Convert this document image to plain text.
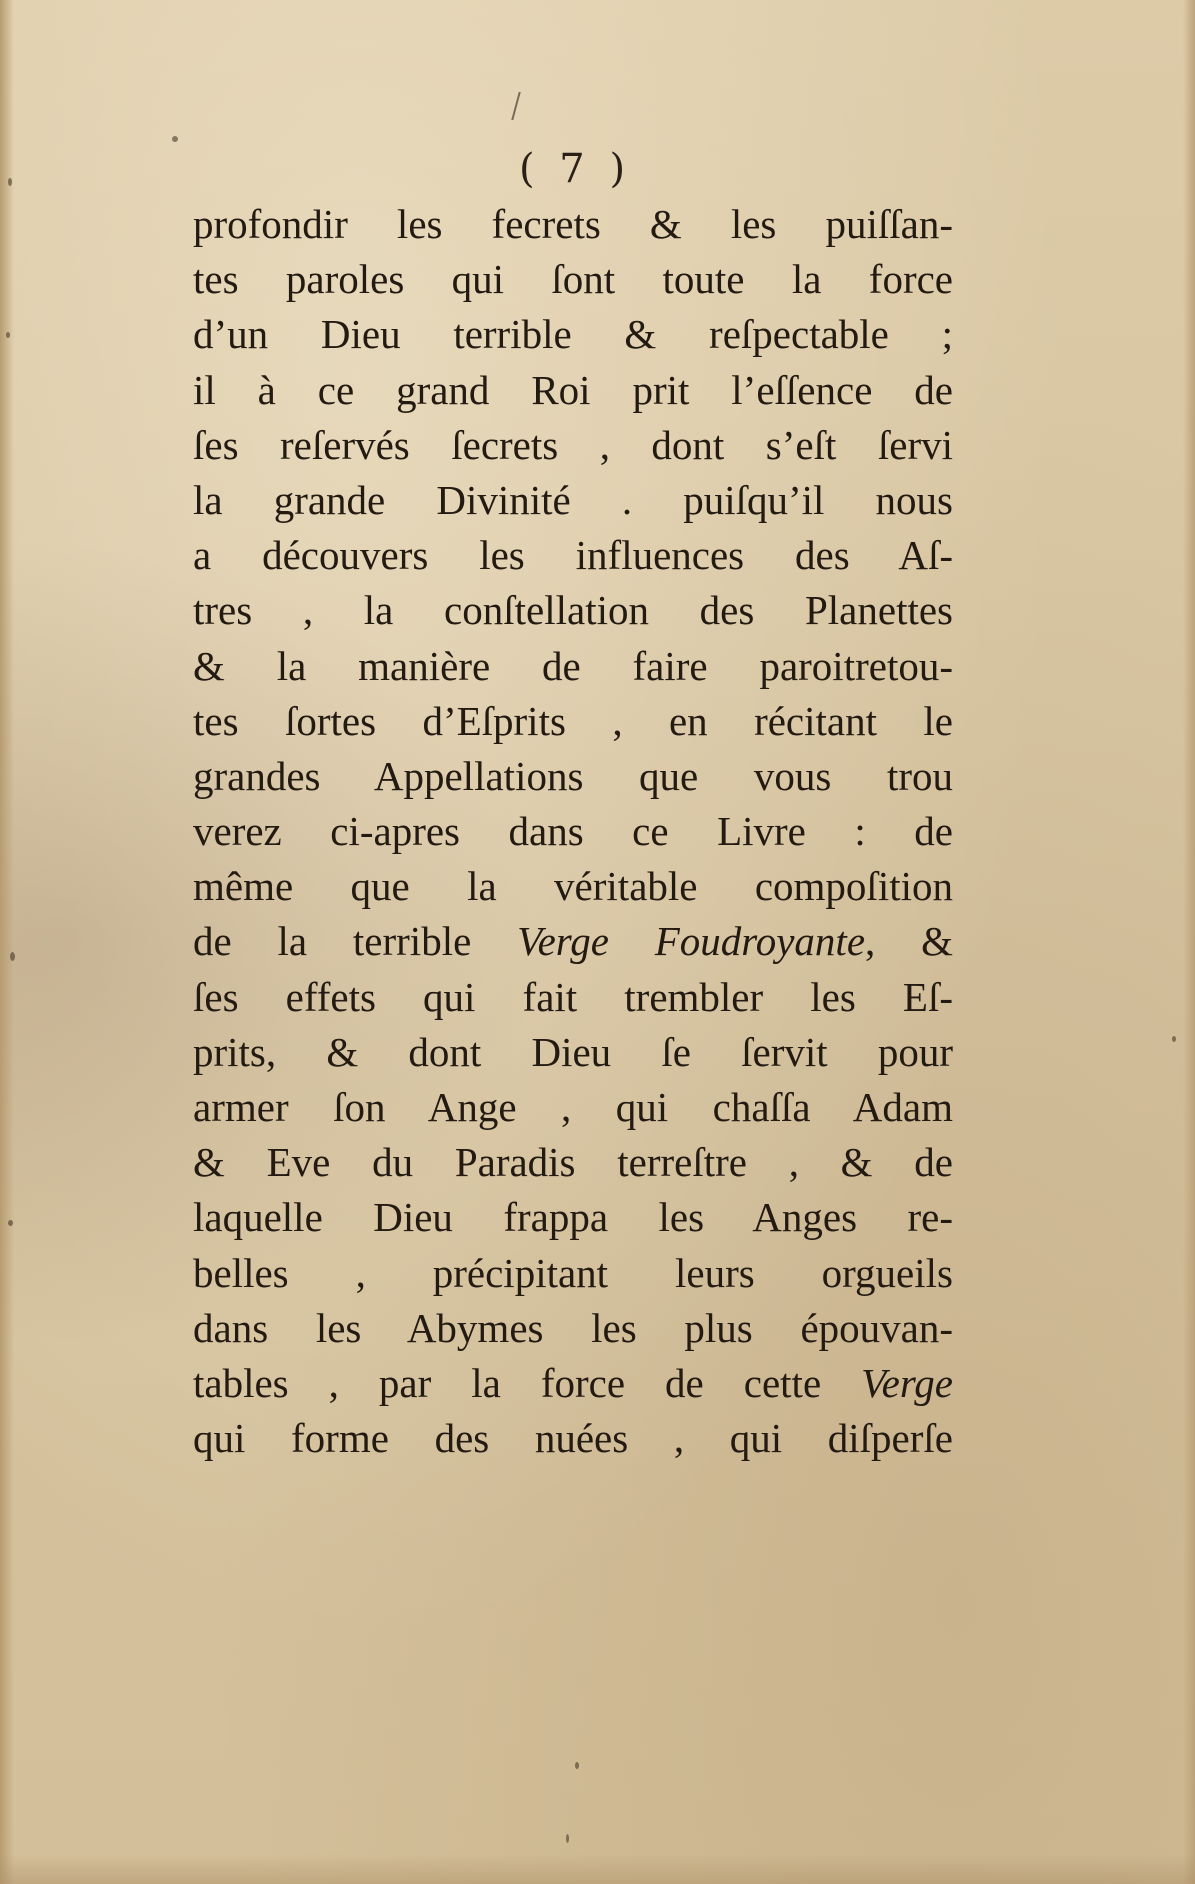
( 7 )
profondir les fecrets & les puiſſan-
tes paroles qui ſont toute la force
d’un Dieu terrible & reſpectable ;
il à ce grand Roi prit l’eſſence de
ſes reſervés ſecrets , dont s’eſt ſervi
la grande Divinité . puiſqu’il nous
a découvers les influences des Aſ-
tres , la conſtellation des Planettes
& la manière de faire paroitretou-
tes ſortes d’Eſprits , en récitant le
grandes Appellations que vous trou
verez ci-apres dans ce Livre : de
même que la véritable compoſition
de la terrible Verge Foudroyante, &
ſes effets qui fait trembler les Eſ-
prits, & dont Dieu ſe ſervit pour
armer ſon Ange , qui chaſſa Adam
& Eve du Paradis terreſtre , & de
laquelle Dieu frappa les Anges re-
belles , précipitant leurs orgueils
dans les Abymes les plus épouvan-
tables , par la force de cette Verge
qui forme des nuées , qui diſperſe
